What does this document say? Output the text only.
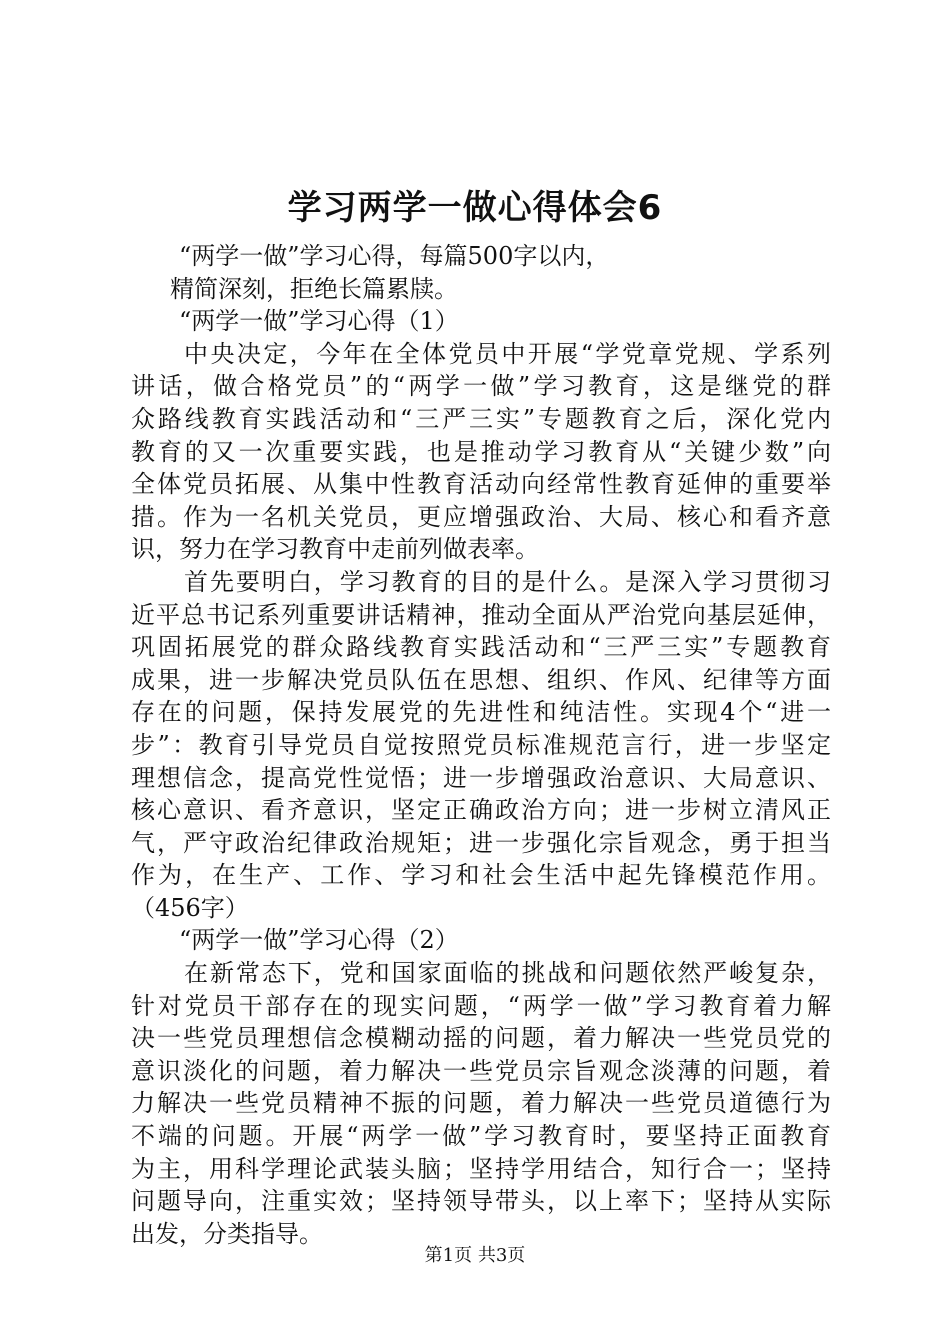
学习两学一做心得体会6
“两学一做”学习心得，每篇500字以内，
精简深刻，拒绝长篇累牍。
“两学一做”学习心得（1）
中央决定，今年在全体党员中开展“学党章党规、学系列
讲话，做合格党员”的“两学一做”学习教育，这是继党的群
众路线教育实践活动和“三严三实”专题教育之后，深化党内
教育的又一次重要实践，也是推动学习教育从“关键少数”向
全体党员拓展、从集中性教育活动向经常性教育延伸的重要举
措。作为一名机关党员，更应增强政治、大局、核心和看齐意
识，努力在学习教育中走前列做表率。
首先要明白，学习教育的目的是什么。是深入学习贯彻习
近平总书记系列重要讲话精神，推动全面从严治党向基层延伸，
巩固拓展党的群众路线教育实践活动和“三严三实”专题教育
成果，进一步解决党员队伍在思想、组织、作风、纪律等方面
存在的问题，保持发展党的先进性和纯洁性。实现4个“进一
步”：教育引导党员自觉按照党员标准规范言行，进一步坚定
理想信念，提高党性觉悟；进一步增强政治意识、大局意识、
核心意识、看齐意识，坚定正确政治方向；进一步树立清风正
气，严守政治纪律政治规矩；进一步强化宗旨观念，勇于担当
作为，在生产、工作、学习和社会生活中起先锋模范作用。
（456字）
“两学一做”学习心得（2）
在新常态下，党和国家面临的挑战和问题依然严峻复杂，
针对党员干部存在的现实问题，“两学一做”学习教育着力解
决一些党员理想信念模糊动摇的问题，着力解决一些党员党的
意识淡化的问题，着力解决一些党员宗旨观念淡薄的问题，着
力解决一些党员精神不振的问题，着力解决一些党员道德行为
不端的问题。开展“两学一做”学习教育时，要坚持正面教育
为主，用科学理论武装头脑；坚持学用结合，知行合一；坚持
问题导向，注重实效；坚持领导带头，以上率下；坚持从实际
出发，分类指导。
第1页 共3页
